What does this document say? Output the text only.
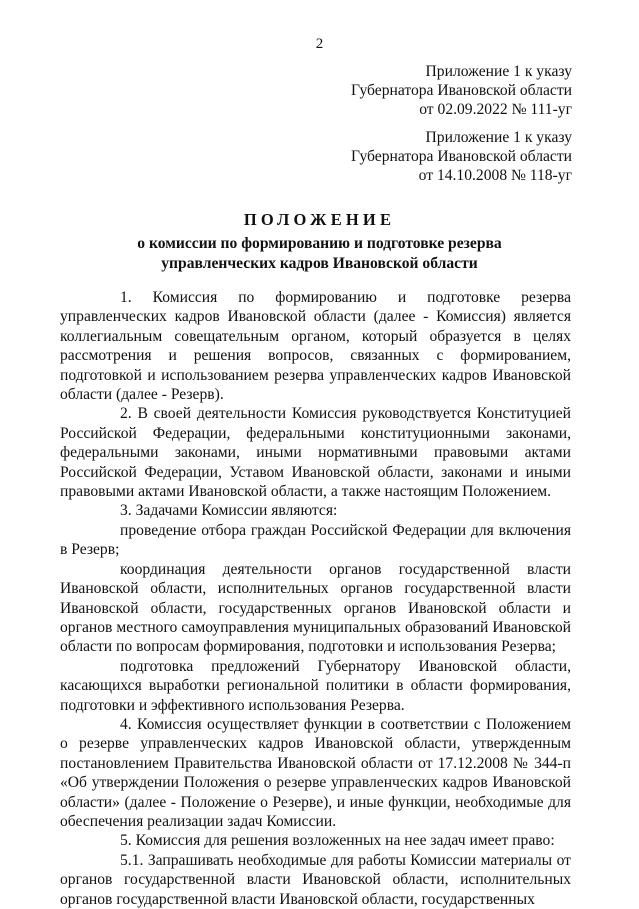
2
Приложение 1 к указу
Губернатора Ивановской области
от 02.09.2022 № 111-уг
Приложение 1 к указу
Губернатора Ивановской области
от 14.10.2008 № 118-уг
ПОЛОЖЕНИЕ
о комиссии по формированию и подготовке резерва
управленческих кадров Ивановской области

1. Комиссия по формированию и подготовке резерва управленческих кадров Ивановской области (далее - Комиссия) является коллегиальным совещательным органом, который образуется в целях рассмотрения и решения вопросов, связанных с формированием, подготовкой и использованием резерва управленческих кадров Ивановской области (далее - Резерв).

2. В своей деятельности Комиссия руководствуется Конституцией Российской Федерации, федеральными конституционными законами, федеральными законами, иными нормативными правовыми актами Российской Федерации, Уставом Ивановской области, законами и иными правовыми актами Ивановской области, а также настоящим Положением.

3. Задачами Комиссии являются:

проведение отбора граждан Российской Федерации для включения в Резерв;

координация деятельности органов государственной власти Ивановской области, исполнительных органов государственной власти Ивановской области, государственных органов Ивановской области и органов местного самоуправления муниципальных образований Ивановской области по вопросам формирования, подготовки и использования Резерва;

подготовка предложений Губернатору Ивановской области, касающихся выработки региональной политики в области формирования, подготовки и эффективного использования Резерва.

4. Комиссия осуществляет функции в соответствии с Положением о резерве управленческих кадров Ивановской области, утвержденным постановлением Правительства Ивановской области от 17.12.2008 № 344-п «Об утверждении Положения о резерве управленческих кадров Ивановской области» (далее - Положение о Резерве), и иные функции, необходимые для обеспечения реализации задач Комиссии.

5. Комиссия для решения возложенных на нее задач имеет право:

5.1. Запрашивать необходимые для работы Комиссии материалы от органов государственной власти Ивановской области, исполнительных органов государственной власти Ивановской области, государственных
